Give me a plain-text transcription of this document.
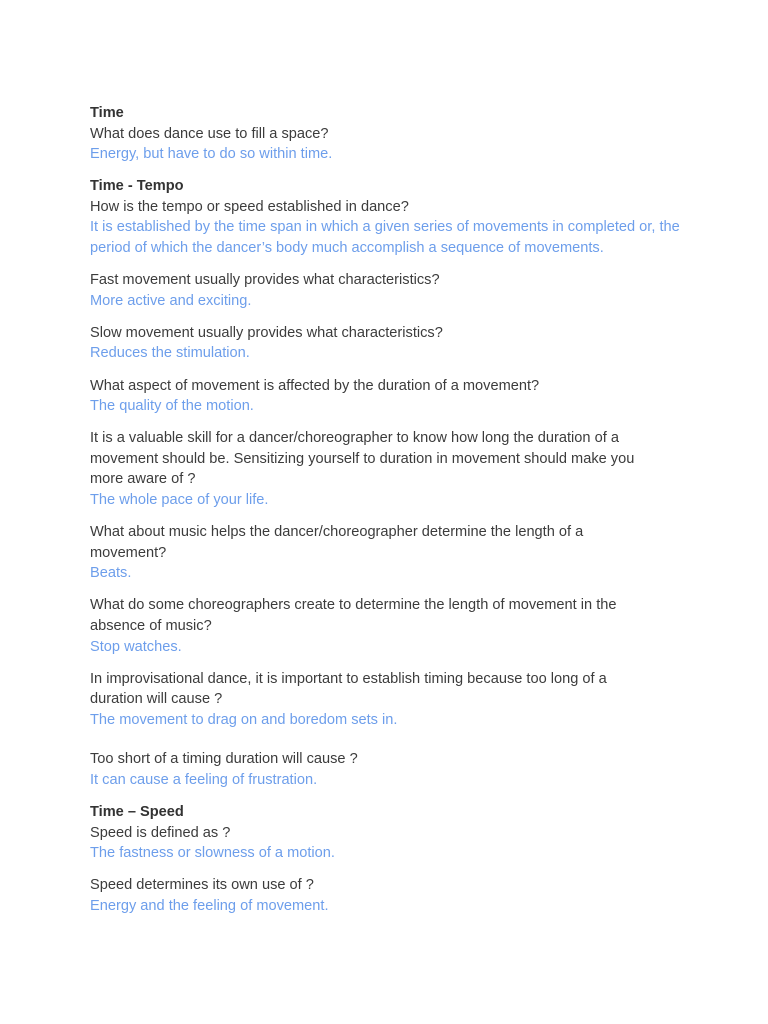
Time
What does dance use to fill a space?
Energy, but have to do so within time.
Time - Tempo
How is the tempo or speed established in dance?
It is established by the time span in which a given series of movements in completed or, the period of which the dancer’s body much accomplish a sequence of movements.
Fast movement usually provides what characteristics?
More active and exciting.
Slow movement usually provides what characteristics?
Reduces the stimulation.
What aspect of movement is affected by the duration of a movement?
The quality of the motion.
It is a valuable skill for a dancer/choreographer to know how long the duration of a movement should be. Sensitizing yourself to duration in movement should make you more aware of ?
The whole pace of your life.
What about music helps the dancer/choreographer determine the length of a movement?
Beats.
What do some choreographers create to determine the length of movement in the absence of music?
Stop watches.
In improvisational dance, it is important to establish timing because too long of a duration will cause ?
The movement to drag on and boredom sets in.
Too short of a timing duration will cause ?
It can cause a feeling of frustration.
Time – Speed
Speed is defined as ?
The fastness or slowness of a motion.
Speed determines its own use of ?
Energy and the feeling of movement.
